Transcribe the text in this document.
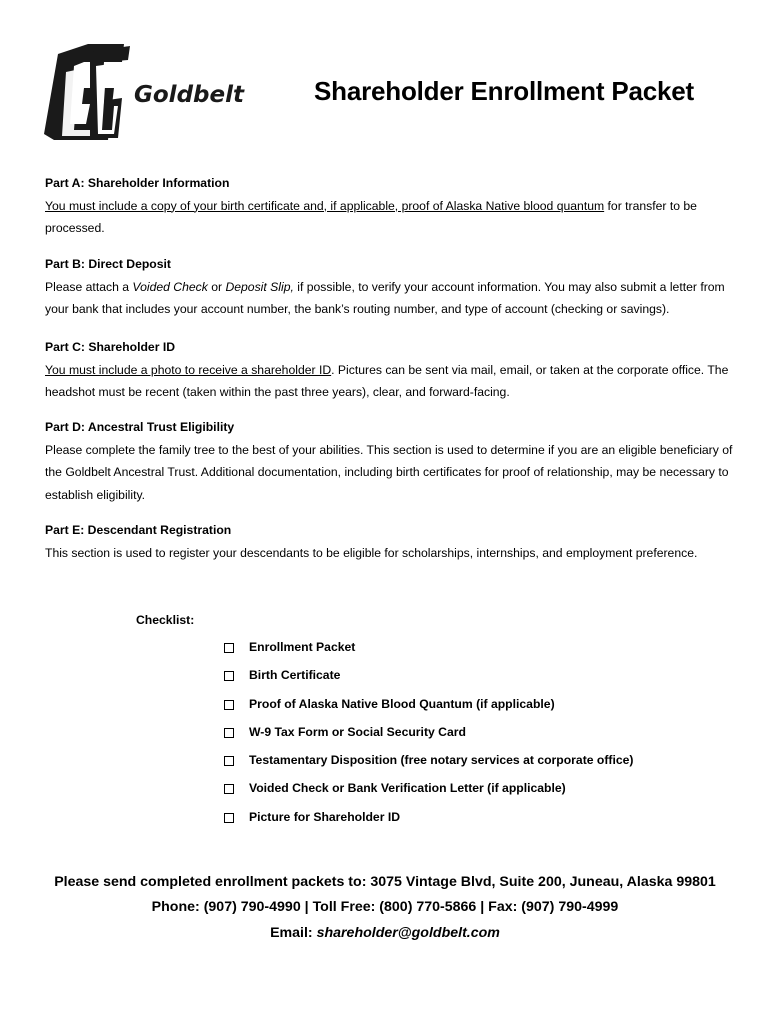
Goldbelt	Shareholder Enrollment Packet
Part A: Shareholder Information
You must include a copy of your birth certificate and, if applicable, proof of Alaska Native blood quantum for transfer to be processed.
Part B: Direct Deposit
Please attach a Voided Check or Deposit Slip, if possible, to verify your account information. You may also submit a letter from your bank that includes your account number, the bank’s routing number, and type of account (checking or savings).
Part C: Shareholder ID
You must include a photo to receive a shareholder ID. Pictures can be sent via mail, email, or taken at the corporate office. The headshot must be recent (taken within the past three years), clear, and forward-facing.
Part D: Ancestral Trust Eligibility
Please complete the family tree to the best of your abilities. This section is used to determine if you are an eligible beneficiary of the Goldbelt Ancestral Trust. Additional documentation, including birth certificates for proof of relationship, may be necessary to establish eligibility.
Part E: Descendant Registration
This section is used to register your descendants to be eligible for scholarships, internships, and employment preference.
Checklist:
Enrollment Packet
Birth Certificate
Proof of Alaska Native Blood Quantum (if applicable)
W-9 Tax Form or Social Security Card
Testamentary Disposition (free notary services at corporate office)
Voided Check or Bank Verification Letter (if applicable)
Picture for Shareholder ID
Please send completed enrollment packets to: 3075 Vintage Blvd, Suite 200, Juneau, Alaska 99801
Phone: (907) 790-4990 | Toll Free: (800) 770-5866 | Fax: (907) 790-4999
Email: shareholder@goldbelt.com
